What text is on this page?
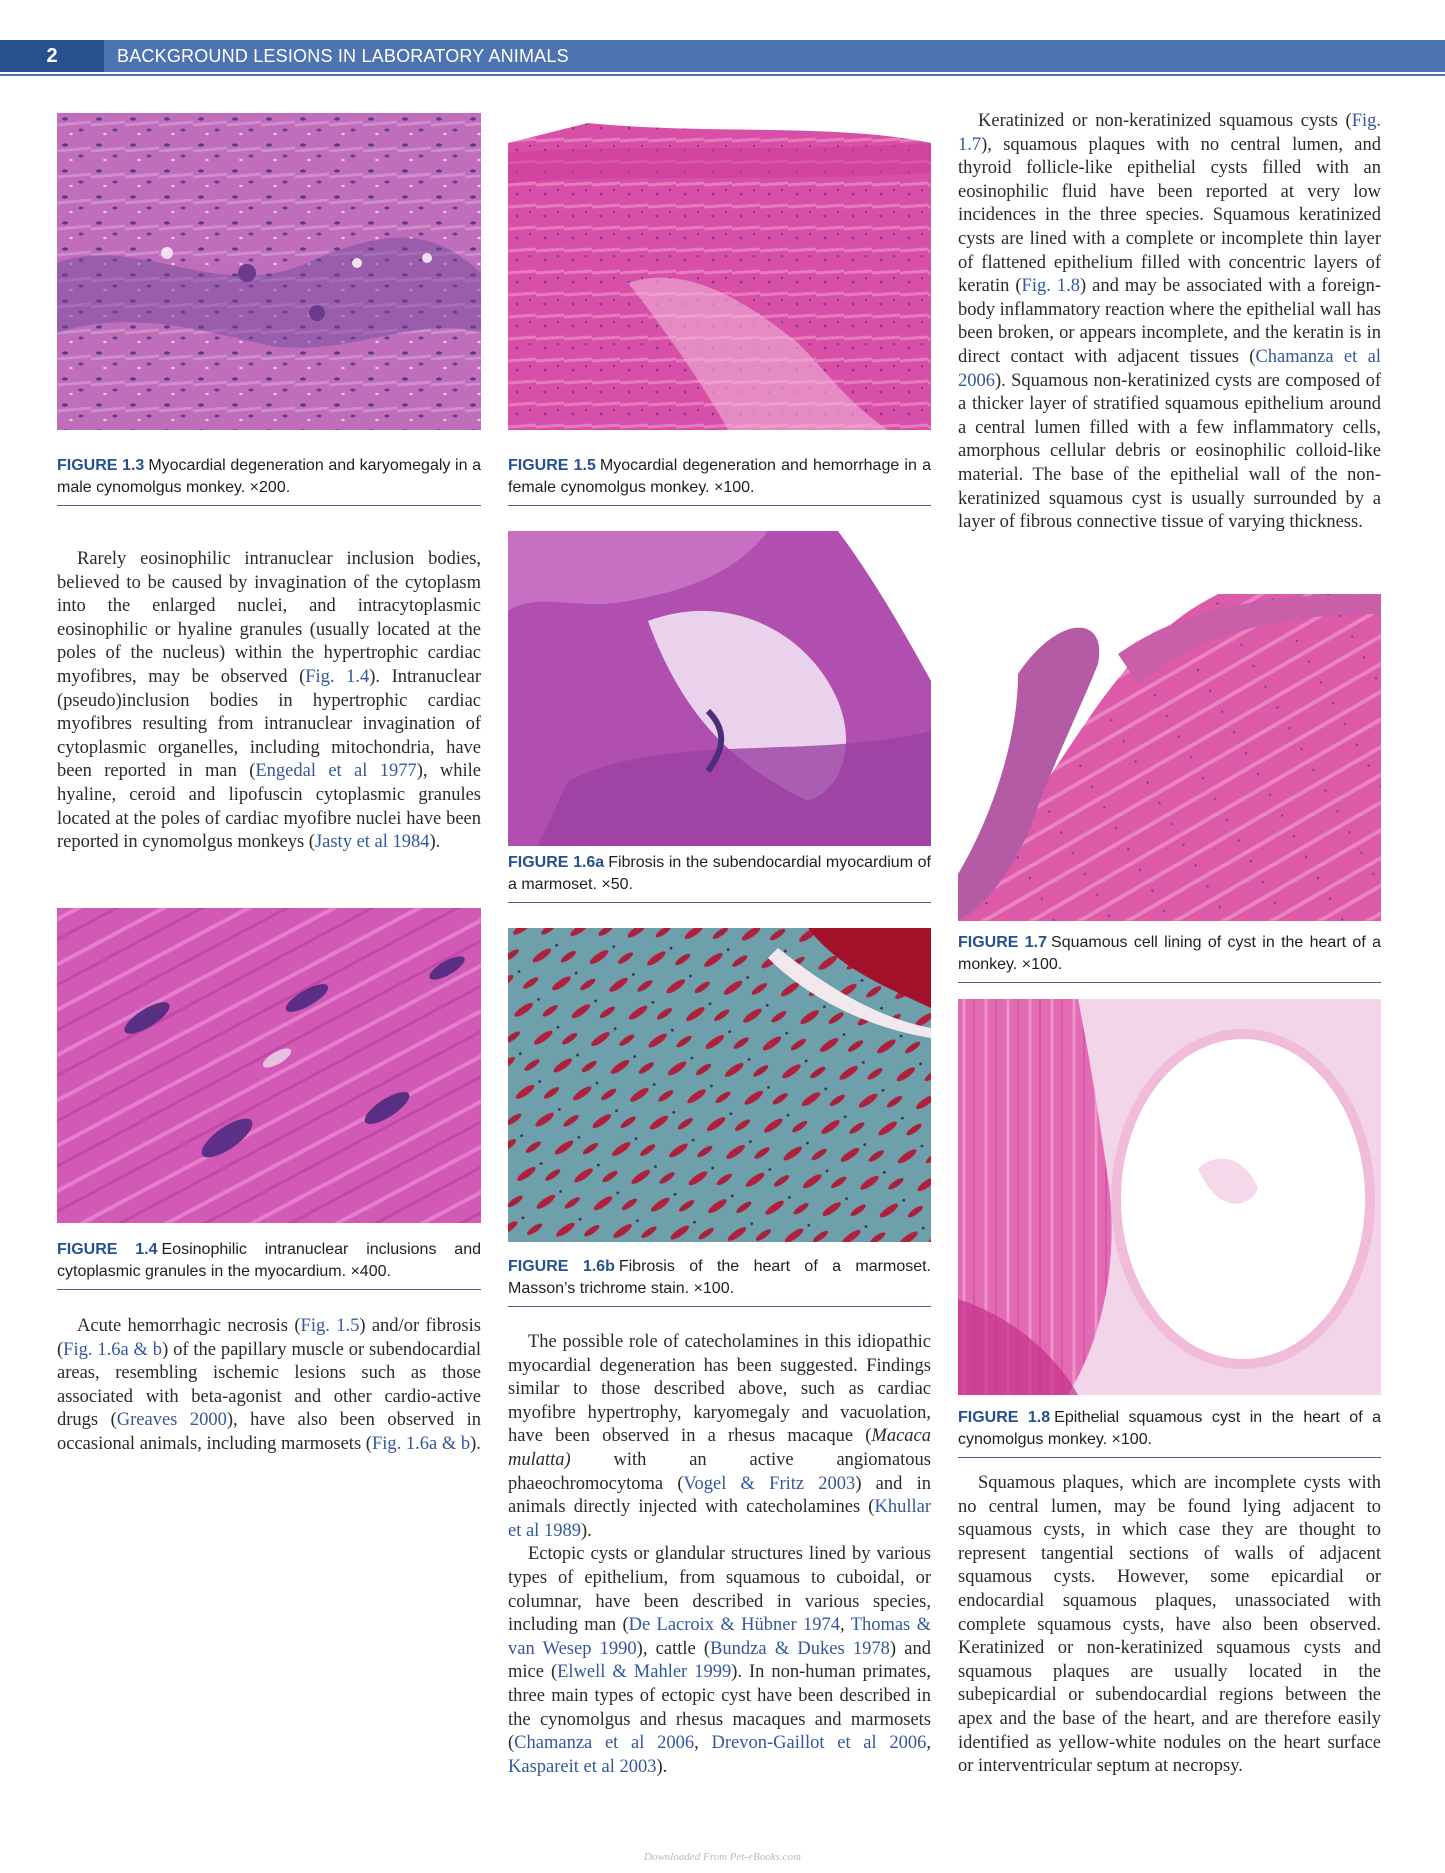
2	BACKGROUND LESIONS IN LABORATORY ANIMALS
FIGURE 1.3 Myocardial degeneration and karyomegaly in a male cynomolgus monkey. ×200.
FIGURE 1.4 Eosinophilic intranuclear inclusions and cytoplasmic granules in the myocardium. ×400.
FIGURE 1.5 Myocardial degeneration and hemorrhage in a female cynomolgus monkey. ×100.
FIGURE 1.6a Fibrosis in the subendocardial myocardium of a marmoset. ×50.
FIGURE 1.6b Fibrosis of the heart of a marmoset. Masson’s trichrome stain. ×100.
FIGURE 1.7 Squamous cell lining of cyst in the heart of a monkey. ×100.
FIGURE 1.8 Epithelial squamous cyst in the heart of a cynomolgus monkey. ×100.

Rarely eosinophilic intranuclear inclusion bodies, believed to be caused by invagination of the cytoplasm into the enlarged nuclei, and intracytoplasmic eosinophilic or hyaline granules (usually located at the poles of the nucleus) within the hypertrophic cardiac myofibres, may be observed (Fig. 1.4). Intranuclear (pseudo)inclusion bodies in hypertrophic cardiac myofibres resulting from intranuclear invagination of cytoplasmic organelles, including mitochondria, have been reported in man (Engedal et al 1977), while hyaline, ceroid and lipofuscin cytoplasmic granules located at the poles of cardiac myofibre nuclei have been reported in cynomolgus monkeys (Jasty et al 1984).

Acute hemorrhagic necrosis (Fig. 1.5) and/or fibrosis (Fig. 1.6a & b) of the papillary muscle or subendocardial areas, resembling ischemic lesions such as those associated with beta-agonist and other cardio-active drugs (Greaves 2000), have also been observed in occasional animals, including marmosets (Fig. 1.6a & b).

The possible role of catecholamines in this idiopathic myocardial degeneration has been suggested. Findings similar to those described above, such as cardiac myofibre hypertrophy, karyomegaly and vacuolation, have been observed in a rhesus macaque (Macaca mulatta) with an active angiomatous phaeochromocytoma (Vogel & Fritz 2003) and in animals directly injected with catecholamines (Khullar et al 1989).

Ectopic cysts or glandular structures lined by various types of epithelium, from squamous to cuboidal, or columnar, have been described in various species, including man (De Lacroix & Hübner 1974, Thomas & van Wesep 1990), cattle (Bundza & Dukes 1978) and mice (Elwell & Mahler 1999). In non-human primates, three main types of ectopic cyst have been described in the cynomolgus and rhesus macaques and marmosets (Chamanza et al 2006, Drevon-Gaillot et al 2006, Kaspareit et al 2003).

Keratinized or non-keratinized squamous cysts (Fig. 1.7), squamous plaques with no central lumen, and thyroid follicle-like epithelial cysts filled with an eosinophilic fluid have been reported at very low incidences in the three species. Squamous keratinized cysts are lined with a complete or incomplete thin layer of flattened epithelium filled with concentric layers of keratin (Fig. 1.8) and may be associated with a foreign-body inflammatory reaction where the epithelial wall has been broken, or appears incomplete, and the keratin is in direct contact with adjacent tissues (Chamanza et al 2006). Squamous non-keratinized cysts are composed of a thicker layer of stratified squamous epithelium around a central lumen filled with a few inflammatory cells, amorphous cellular debris or eosinophilic colloid-like material. The base of the epithelial wall of the non-keratinized squamous cyst is usually surrounded by a layer of fibrous connective tissue of varying thickness.

Squamous plaques, which are incomplete cysts with no central lumen, may be found lying adjacent to squamous cysts, in which case they are thought to represent tangential sections of walls of adjacent squamous cysts. However, some epicardial or endocardial squamous plaques, unassociated with complete squamous cysts, have also been observed. Keratinized or non-keratinized squamous cysts and squamous plaques are usually located in the subepicardial or subendocardial regions between the apex and the base of the heart, and are therefore easily identified as yellow-white nodules on the heart surface or interventricular septum at necropsy.

Downloaded From Pet-eBooks.com
